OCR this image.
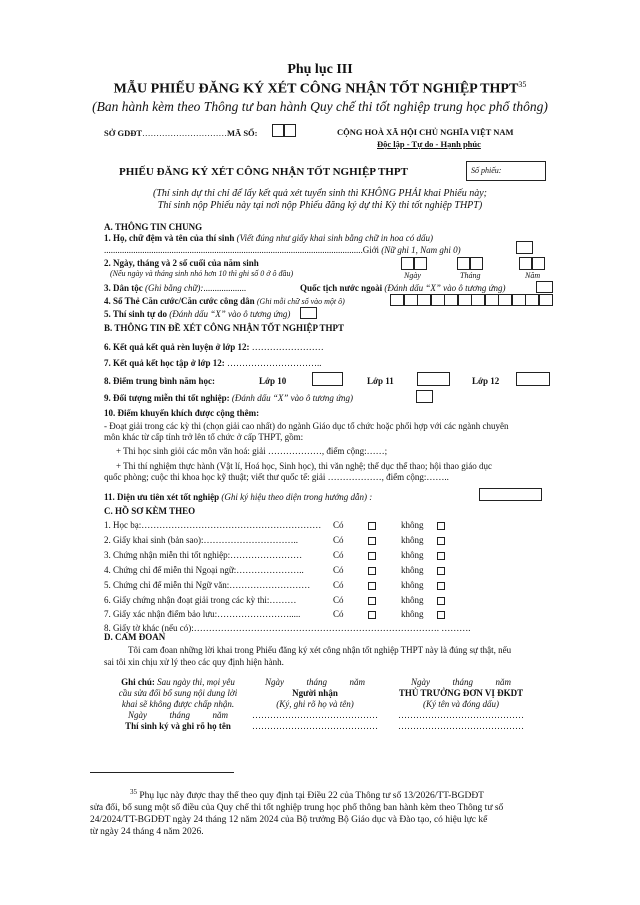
Phụ lục III
MẪU PHIẾU ĐĂNG KÝ XÉT CÔNG NHẬN TỐT NGHIỆP THPT$^{35}$
(Ban hành kèm theo Thông tư ban hành Quy chế thi tốt nghiệp trung học phổ thông)
SỞ GDĐT…………………………MÃ SỐ:	CỘNG HOÀ XÃ HỘI CHỦ NGHĨA VIỆT NAM
Độc lập - Tự do - Hạnh phúc
PHIẾU ĐĂNG KÝ XÉT CÔNG NHẬN TỐT NGHIỆP THPT	Số phiếu:
(Thí sinh dự thi chỉ để lấy kết quả xét tuyển sinh thì KHÔNG PHẢI khai Phiếu này;
Thí sinh nộp Phiếu này tại nơi nộp Phiếu đăng ký dự thi Kỳ thi tốt nghiệp THPT)
A. THÔNG TIN CHUNG
1. Họ, chữ đệm và tên của thí sinh (Viết đúng như giấy khai sinh bằng chữ in hoa có dấu)
...................................................................................................................Giới (Nữ ghi 1, Nam ghi 0)
2. Ngày, tháng và 2 số cuối của năm sinh
(Nếu ngày và tháng sinh nhỏ hơn 10 thì ghi số 0 ở ô đầu)	Ngày	Tháng	Năm
3. Dân tộc (Ghi bằng chữ):...................	Quốc tịch nước ngoài (Đánh dấu “X” vào ô tương ứng)
4. Số Thẻ Căn cước/Căn cước công dân (Ghi mỗi chữ số vào một ô)
5. Thí sinh tự do (Đánh dấu “X” vào ô tương ứng)
B. THÔNG TIN ĐỀ XÉT CÔNG NHẬN TỐT NGHIỆP THPT
6. Kết quả kết quả rèn luyện ở lớp 12: ……………………
7. Kết quả kết học tập ở lớp 12: …………………………..
8. Điểm trung bình năm học:	Lớp 10	Lớp 11	Lớp 12
9. Đối tượng miễn thi tốt nghiệp: (Đánh dấu “X” vào ô tương ứng)
10. Điểm khuyến khích được cộng thêm:
- Đoạt giải trong các kỳ thi (chọn giải cao nhất) do ngành Giáo dục tổ chức hoặc phối hợp với các ngành chuyên
môn khác từ cấp tỉnh trở lên tổ chức ở cấp THPT, gồm:
+ Thi học sinh giỏi các môn văn hoá: giải ………………, điểm cộng:……;
+ Thi thí nghiệm thực hành (Vật lí, Hoá học, Sinh học), thi văn nghệ; thể dục thể thao; hội thao giáo dục
quốc phòng; cuộc thi khoa học kỹ thuật; viết thư quốc tế: giải ………………, điểm cộng:……..
11. Diện ưu tiên xét tốt nghiệp (Ghi ký hiệu theo diện trong hướng dẫn) :
C. HỒ SƠ KÈM THEO
1. Học bạ:…………………………………………………… Có	không
2. Giấy khai sinh (bản sao):…………………………..	Có	không
3. Chứng nhận miễn thi tốt nghiệp:……………………	Có	không
4. Chứng chỉ để miễn thi Ngoại ngữ:…………………..	Có	không
5. Chứng chỉ để miễn thi Ngữ văn:………………………	Có	không
6. Giấy chứng nhận đoạt giải trong các kỳ thi:………	Có	không
7. Giấy xác nhận điểm bảo lưu:…………………….....	Có	không
8. Giấy tờ khác (nếu có):………………………………………………………………………. ……….
D. CAM ĐOAN
Tôi cam đoan những lời khai trong Phiếu đăng ký xét công nhận tốt nghiệp THPT này là đúng sự thật, nếu
sai tôi xin chịu xử lý theo các quy định hiện hành.
Ghi chú: Sau ngày thi, mọi yêu
cầu sửa đổi bổ sung nội dung lời
khai sẽ không được chấp nhận.
Ngày          tháng          năm
Thí sinh ký và ghi rõ họ tên
Ngày          tháng          năm
Người nhận
(Ký, ghi rõ họ và tên)
……………………………………
……………………………………
Ngày          tháng          năm
THỦ TRƯỞNG ĐƠN VỊ ĐKDT
(Ký tên và đóng dấu)
……………………………………
……………………………………
$^{35}$ Phụ lục này được thay thế theo quy định tại Điều 22 của Thông tư số 13/2026/TT-BGDĐT
sửa đổi, bổ sung một số điều của Quy chế thi tốt nghiệp trung học phổ thông ban hành kèm theo Thông tư số
24/2024/TT-BGDĐT ngày 24 tháng 12 năm 2024 của Bộ trưởng Bộ Giáo dục và Đào tạo, có hiệu lực kể
từ ngày 24 tháng 4 năm 2026.
